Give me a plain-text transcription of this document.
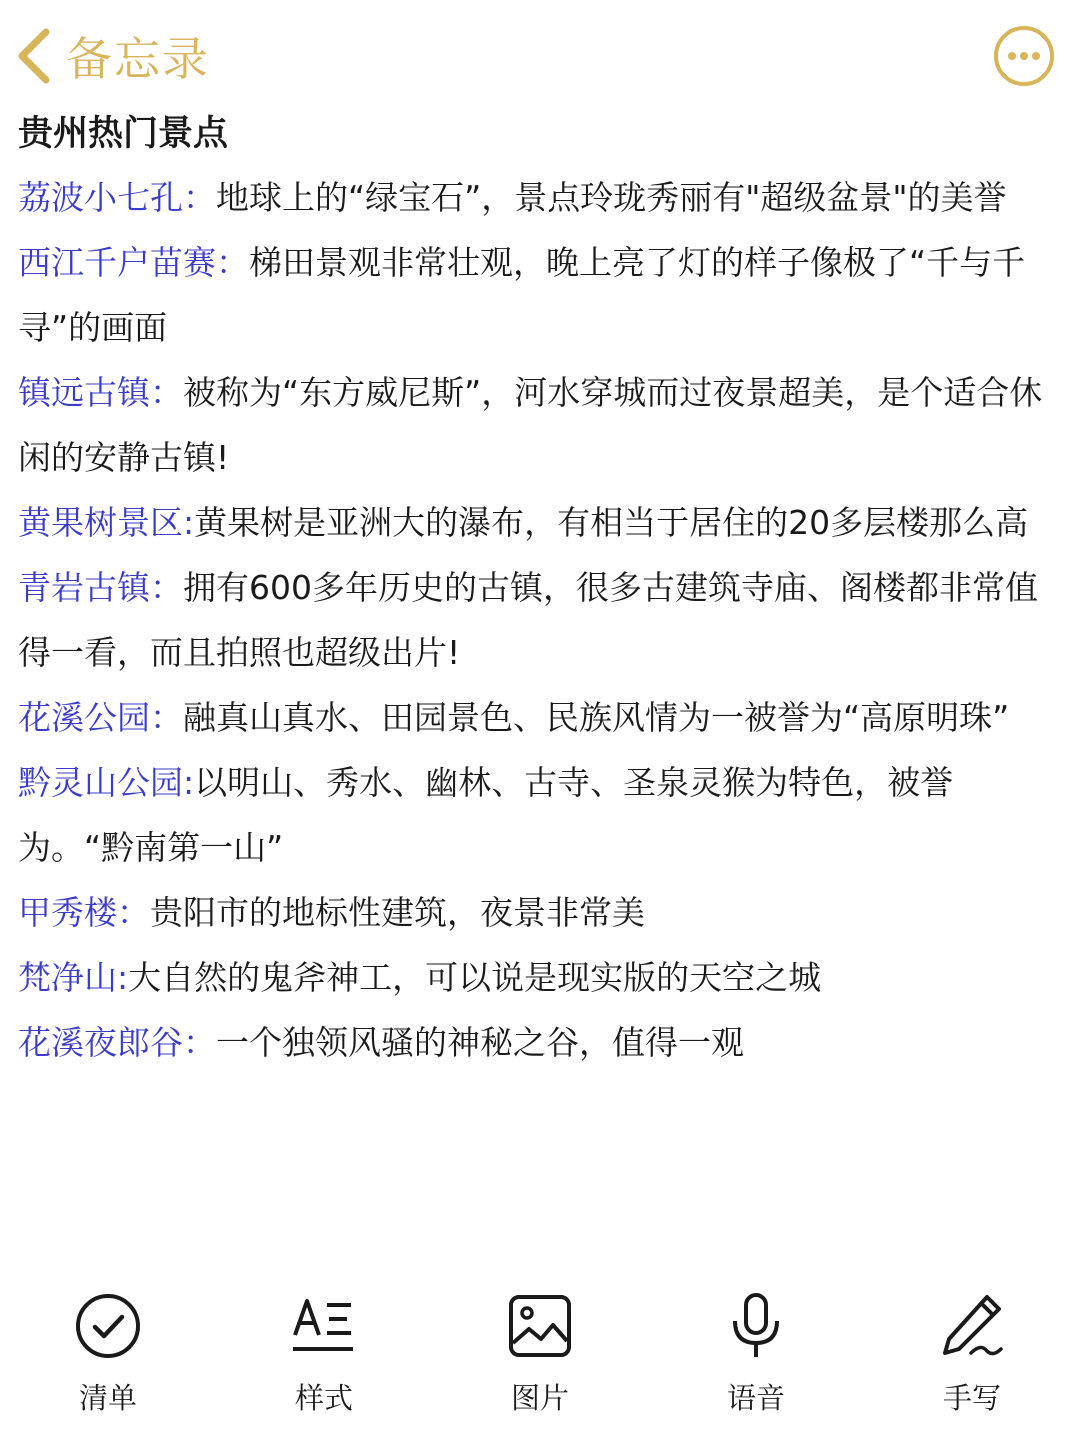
备忘录
贵州热门景点

荔波小七孔：地球上的“绿宝石”，景点玲珑秀丽有"超级盆景"的美誉

西江千户苗赛：梯田景观非常壮观，晚上亮了灯的样子像极了“千与千寻”的画面

镇远古镇：被称为“东方威尼斯”，河水穿城而过夜景超美，是个适合休闲的安静古镇!

黄果树景区:黄果树是亚洲大的瀑布，有相当于居住的20多层楼那么高

青岩古镇：拥有600多年历史的古镇，很多古建筑寺庙、阁楼都非常值得一看，而且拍照也超级出片!

花溪公园：融真山真水、田园景色、民族风情为一被誉为“高原明珠”

黔灵山公园:以明山、秀水、幽林、古寺、圣泉灵猴为特色，被誉为。“黔南第一山”

甲秀楼：贵阳市的地标性建筑，夜景非常美

梵净山:大自然的鬼斧神工，可以说是现实版的天空之城

花溪夜郎谷：一个独领风骚的神秘之谷，值得一观

清单	样式	图片	语音	手写
